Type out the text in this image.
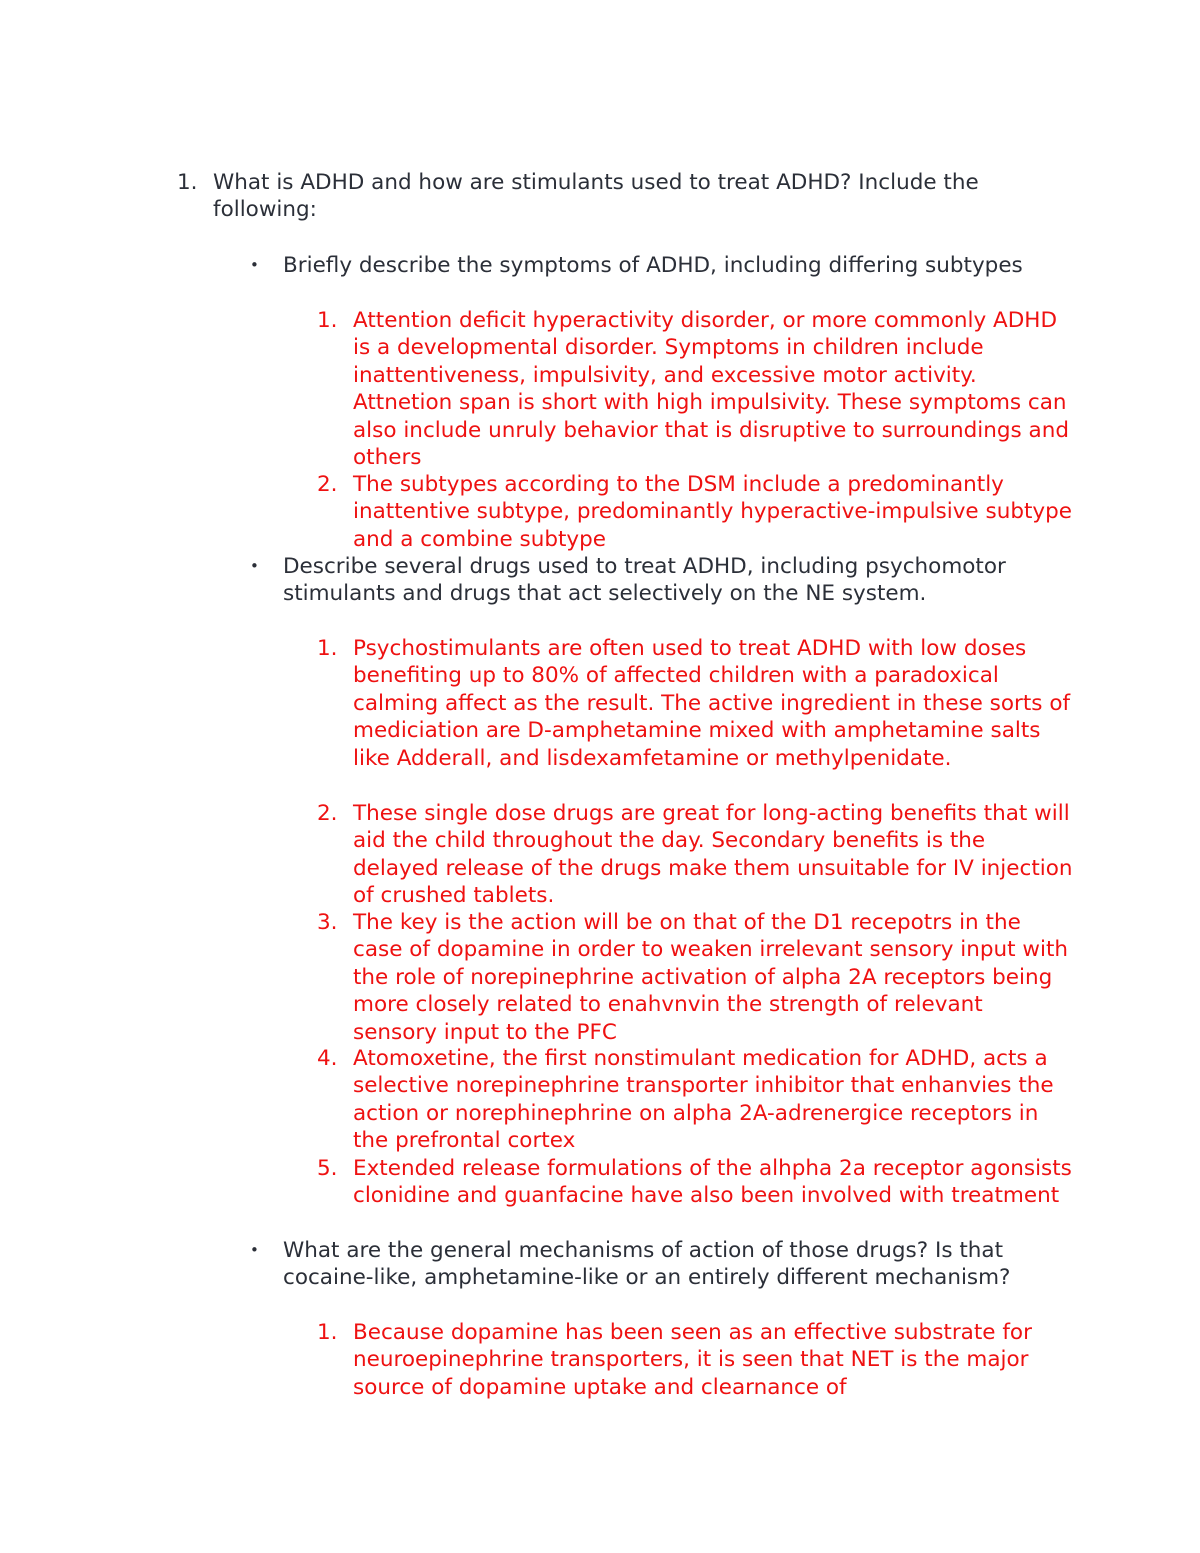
1. What is ADHD and how are stimulants used to treat ADHD? Include the following:
•	Briefly describe the symptoms of ADHD, including differing subtypes
1. Attention deficit hyperactivity disorder, or more commonly ADHD is a developmental disorder. Symptoms in children include inattentiveness, impulsivity, and excessive motor activity. Attnetion span is short with high impulsivity. These symptoms can also include unruly behavior that is disruptive to surroundings and others
2. The subtypes according to the DSM include a predominantly inattentive subtype, predominantly hyperactive-impulsive subtype and a combine subtype
•	Describe several drugs used to treat ADHD, including psychomotor stimulants and drugs that act selectively on the NE system.
1. Psychostimulants are often used to treat ADHD with low doses benefiting up to 80% of affected children with a paradoxical calming affect as the result. The active ingredient in these sorts of mediciation are D-amphetamine mixed with amphetamine salts like Adderall, and lisdexamfetamine or methylpenidate.
2. These single dose drugs are great for long-acting benefits that will aid the child throughout the day. Secondary benefits is the delayed release of the drugs make them unsuitable for IV injection of crushed tablets.
3. The key is the action will be on that of the D1 recepotrs in the case of dopamine in order to weaken irrelevant sensory input with the role of norepinephrine activation of alpha 2A receptors being more closely related to enahvnvin the strength of relevant sensory input to the PFC
4. Atomoxetine, the first nonstimulant medication for ADHD, acts a selective norepinephrine transporter inhibitor that enhanvies the action or norephinephrine on alpha 2A-adrenergice receptors in the prefrontal cortex
5. Extended release formulations of the alhpha 2a receptor agonsists clonidine and guanfacine have also been involved with treatment
•	What are the general mechanisms of action of those drugs? Is that cocaine-like, amphetamine-like or an entirely different mechanism?
1. Because dopamine has been seen as an effective substrate for neuroepinephrine transporters, it is seen that NET is the major source of dopamine uptake and clearnance of
